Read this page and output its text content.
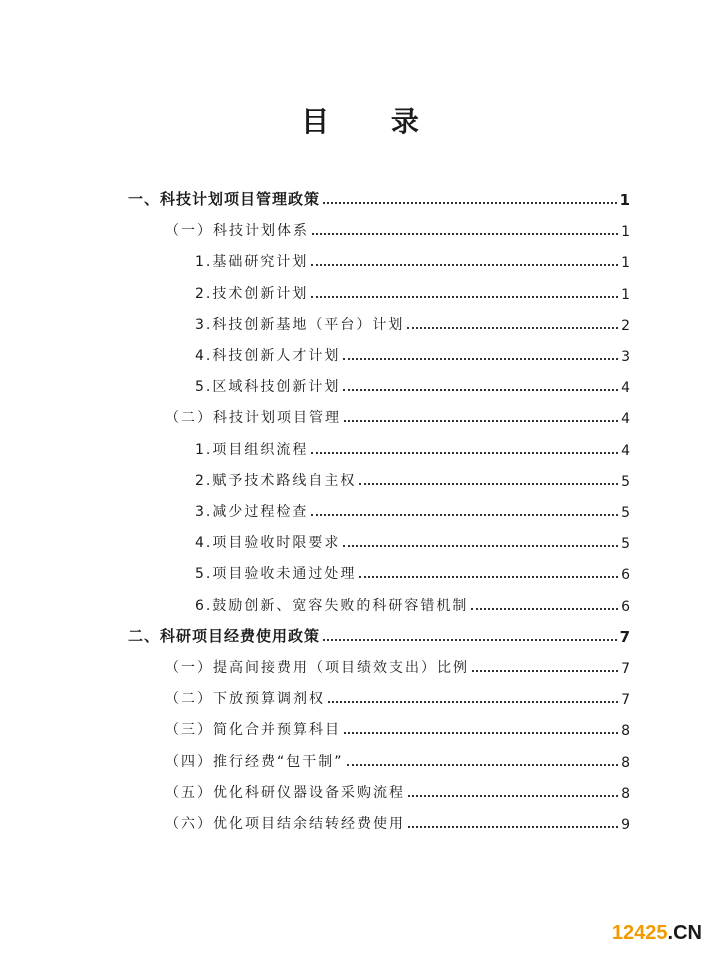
目 录
12425.CN
一、科技计划项目管理政策	1
（一）科技计划体系	1
1.基础研究计划	1
2.技术创新计划	1
3.科技创新基地（平台）计划	2
4.科技创新人才计划	3
5.区域科技创新计划	4
（二）科技计划项目管理	4
1.项目组织流程	4
2.赋予技术路线自主权	5
3.减少过程检查	5
4.项目验收时限要求	5
5.项目验收未通过处理	6
6.鼓励创新、宽容失败的科研容错机制	6
二、科研项目经费使用政策	7
（一）提高间接费用（项目绩效支出）比例	7
（二）下放预算调剂权	7
（三）简化合并预算科目	8
（四）推行经费“包干制”	8
（五）优化科研仪器设备采购流程	8
（六）优化项目结余结转经费使用	9
